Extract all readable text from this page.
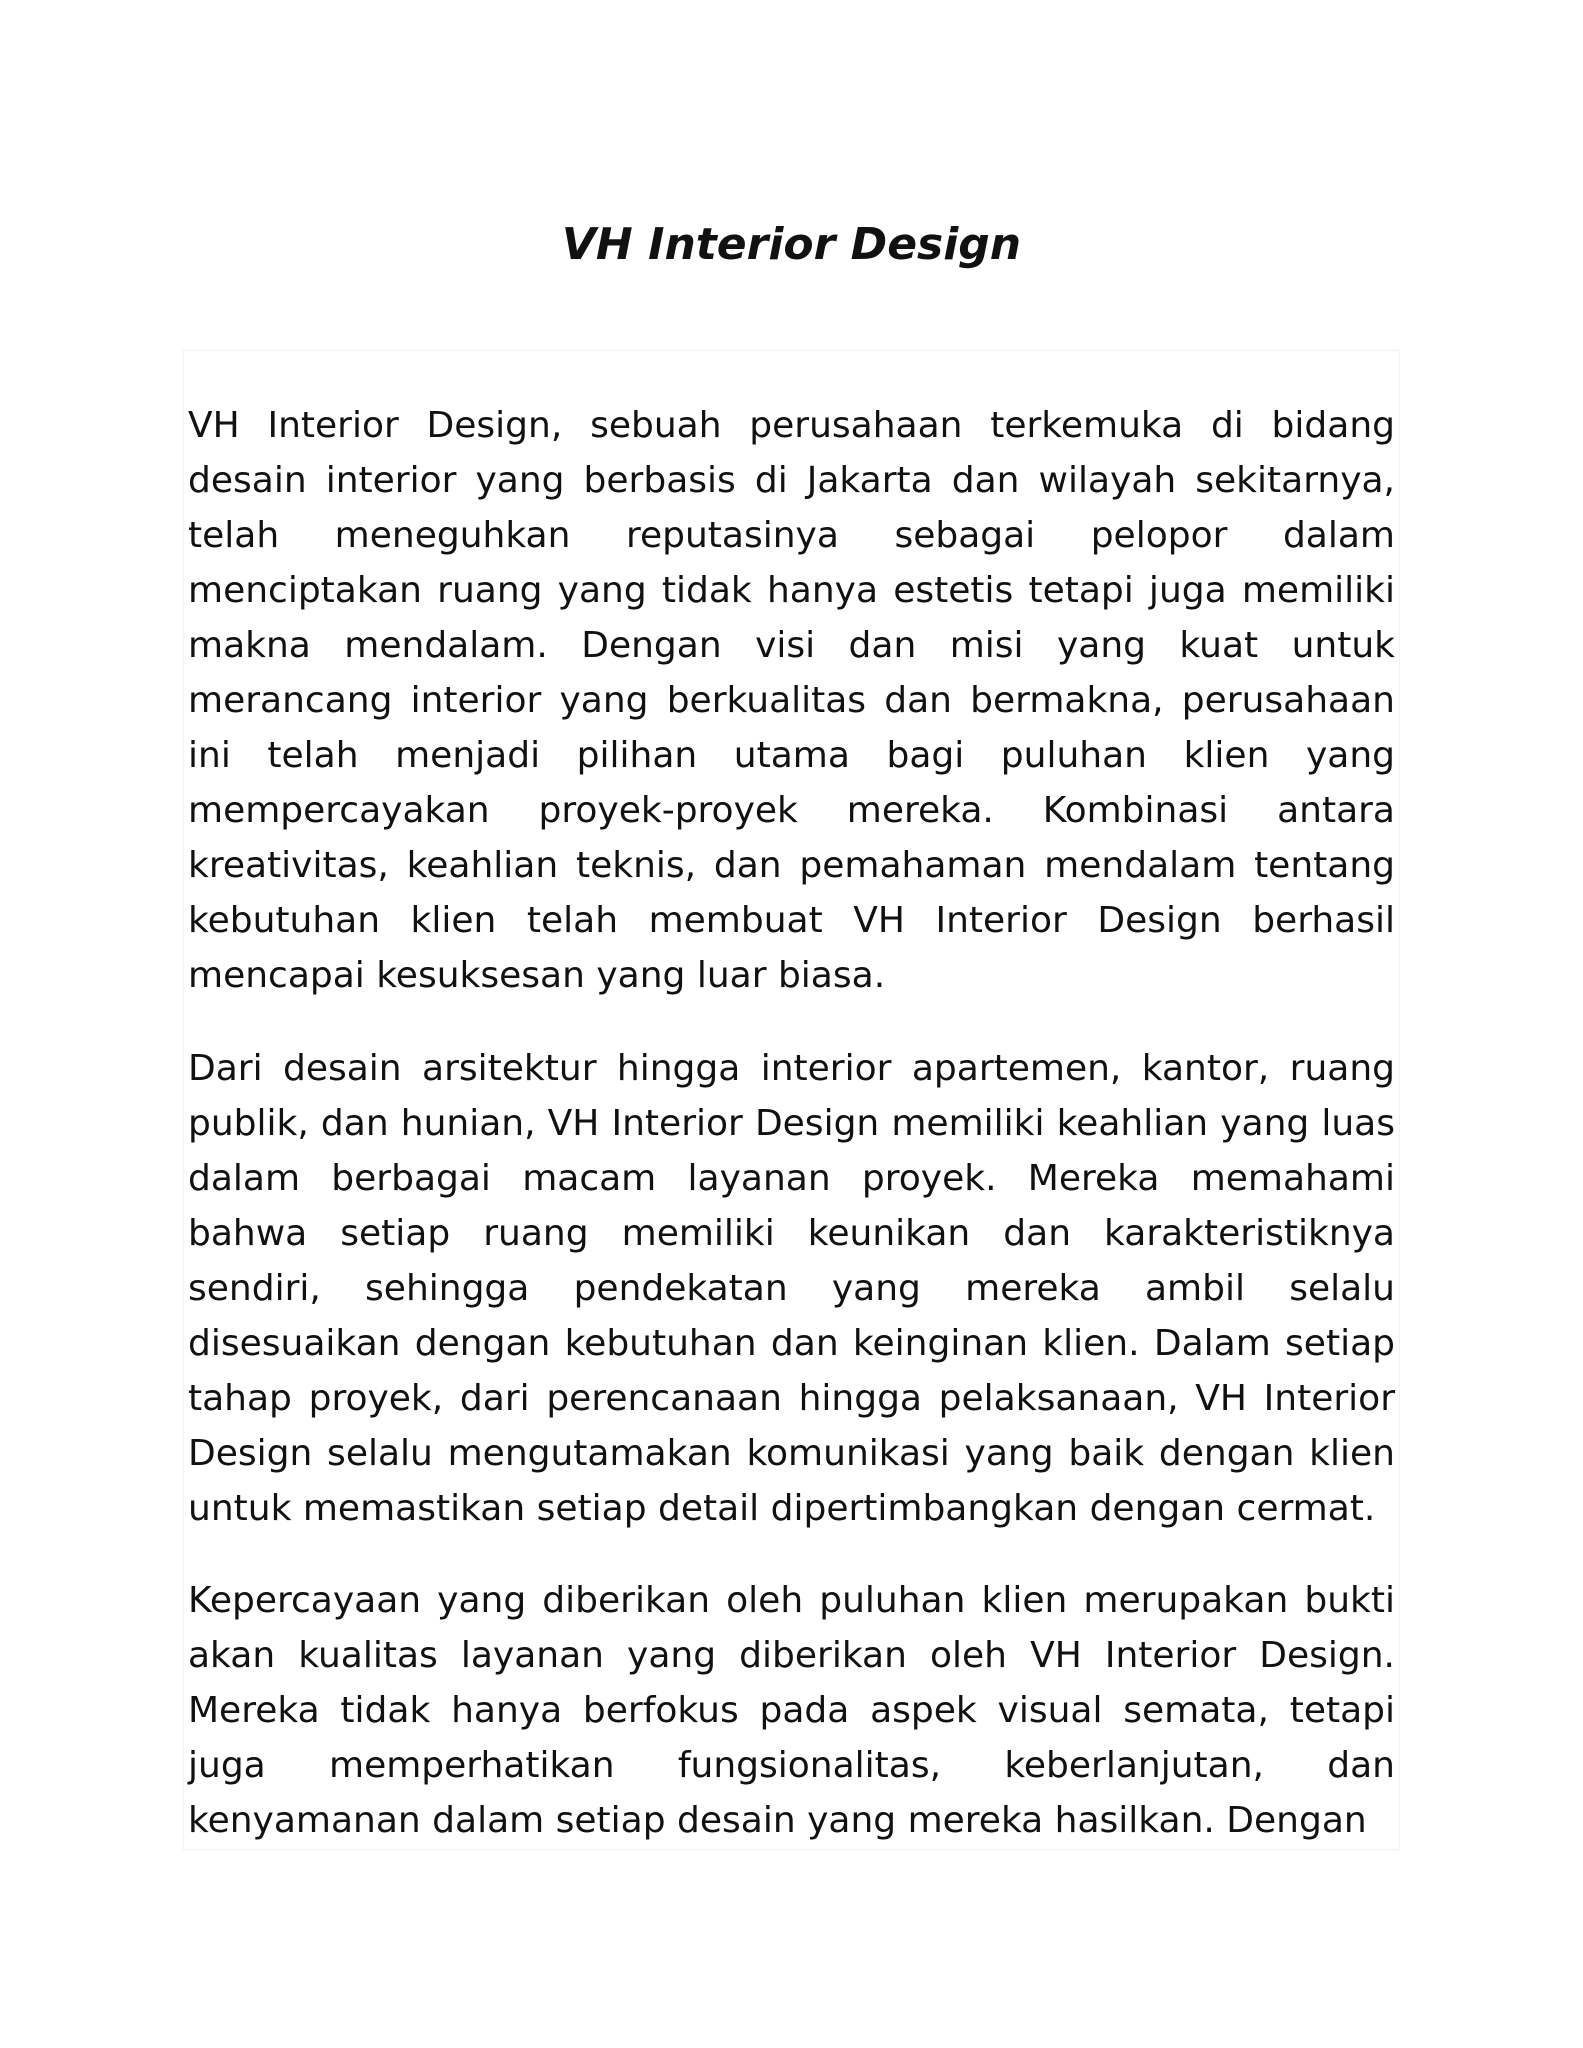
VH Interior Design

VH Interior Design, sebuah perusahaan terkemuka di bidang desain interior yang berbasis di Jakarta dan wilayah sekitarnya, telah meneguhkan reputasinya sebagai pelopor dalam menciptakan ruang yang tidak hanya estetis tetapi juga memiliki makna mendalam. Dengan visi dan misi yang kuat untuk merancang interior yang berkualitas dan bermakna, perusahaan ini telah menjadi pilihan utama bagi puluhan klien yang mempercayakan proyek-proyek mereka. Kombinasi antara kreativitas, keahlian teknis, dan pemahaman mendalam tentang kebutuhan klien telah membuat VH Interior Design berhasil mencapai kesuksesan yang luar biasa.

Dari desain arsitektur hingga interior apartemen, kantor, ruang publik, dan hunian, VH Interior Design memiliki keahlian yang luas dalam berbagai macam layanan proyek. Mereka memahami bahwa setiap ruang memiliki keunikan dan karakteristiknya sendiri, sehingga pendekatan yang mereka ambil selalu disesuaikan dengan kebutuhan dan keinginan klien. Dalam setiap tahap proyek, dari perencanaan hingga pelaksanaan, VH Interior Design selalu mengutamakan komunikasi yang baik dengan klien untuk memastikan setiap detail dipertimbangkan dengan cermat.

Kepercayaan yang diberikan oleh puluhan klien merupakan bukti akan kualitas layanan yang diberikan oleh VH Interior Design. Mereka tidak hanya berfokus pada aspek visual semata, tetapi juga memperhatikan fungsionalitas, keberlanjutan, dan kenyamanan dalam setiap desain yang mereka hasilkan. Dengan
